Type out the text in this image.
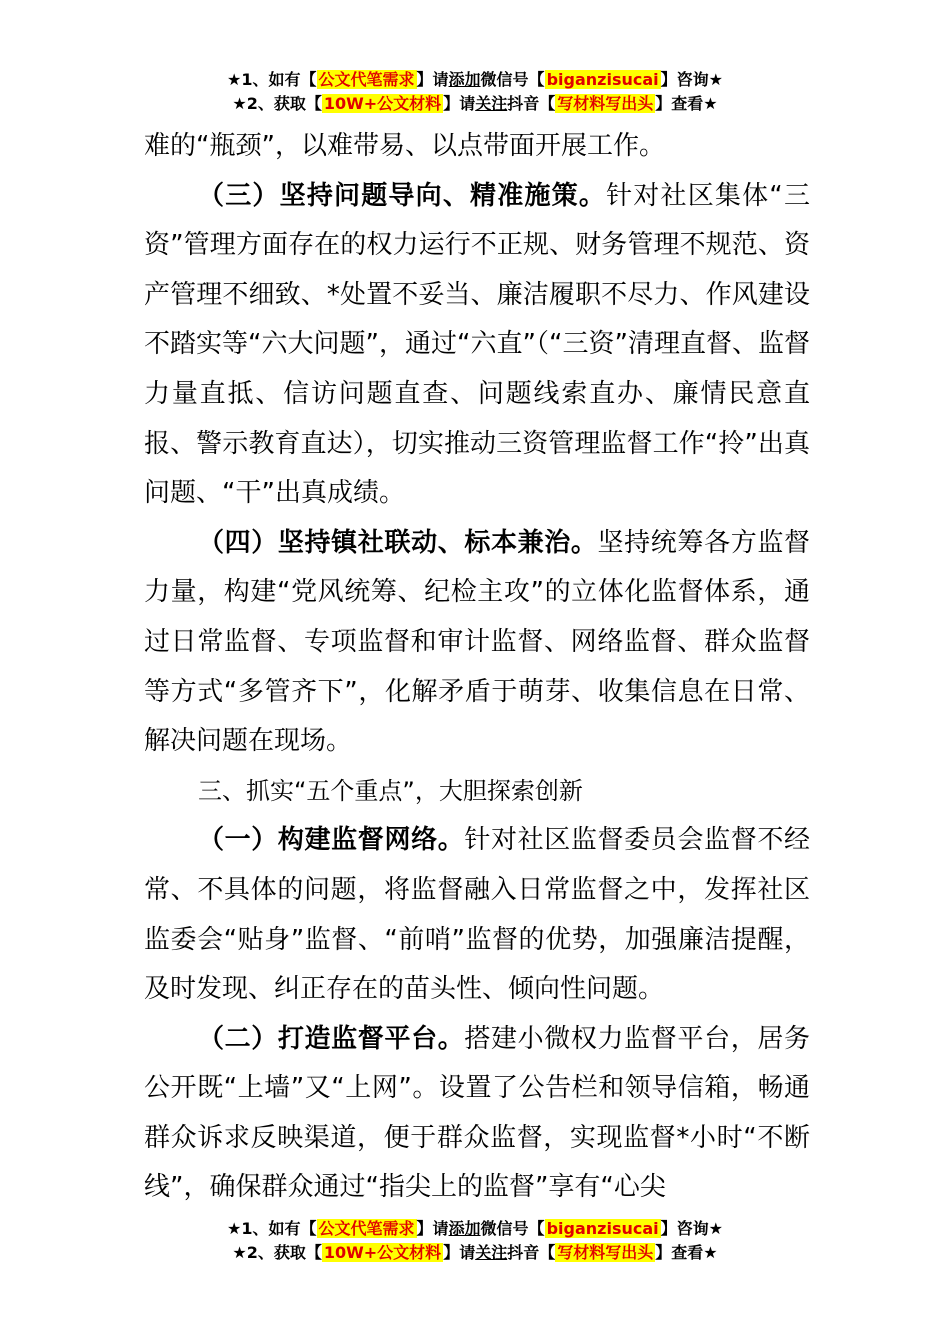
★1、如有【 公文代笔需求 】请添加微信号【 biganzisucai 】咨询★
★2、获取【 10W+公文材料 】请关注抖音【 写材料写出头 】查看★

难的“瓶颈”，以难带易、以点带面开展工作。

（三）坚持问题导向、精准施策。针对社区集体“三资”管理方面存在的权力运行不正规、财务管理不规范、资产管理不细致、*处置不妥当、廉洁履职不尽力、作风建设不踏实等“六大问题”，通过“六直”（“三资”清理直督、监督力量直抵、信访问题直查、问题线索直办、廉情民意直报、警示教育直达），切实推动三资管理监督工作“拎”出真问题、“干”出真成绩。

（四）坚持镇社联动、标本兼治。坚持统筹各方监督力量，构建“党风统筹、纪检主攻”的立体化监督体系，通过日常监督、专项监督和审计监督、网络监督、群众监督等方式“多管齐下”，化解矛盾于萌芽、收集信息在日常、解决问题在现场。

三、抓实“五个重点”，大胆探索创新

（一）构建监督网络。针对社区监督委员会监督不经常、不具体的问题，将监督融入日常监督之中，发挥社区监委会“贴身”监督、“前哨”监督的优势，加强廉洁提醒，及时发现、纠正存在的苗头性、倾向性问题。

（二）打造监督平台。搭建小微权力监督平台，居务公开既“上墙”又“上网”。设置了公告栏和领导信箱，畅通群众诉求反映渠道，便于群众监督，实现监督*小时“不断线”，确保群众通过“指尖上的监督”享有“心尖

★1、如有【 公文代笔需求 】请添加微信号【 biganzisucai 】咨询★
★2、获取【 10W+公文材料 】请关注抖音【 写材料写出头 】查看★
